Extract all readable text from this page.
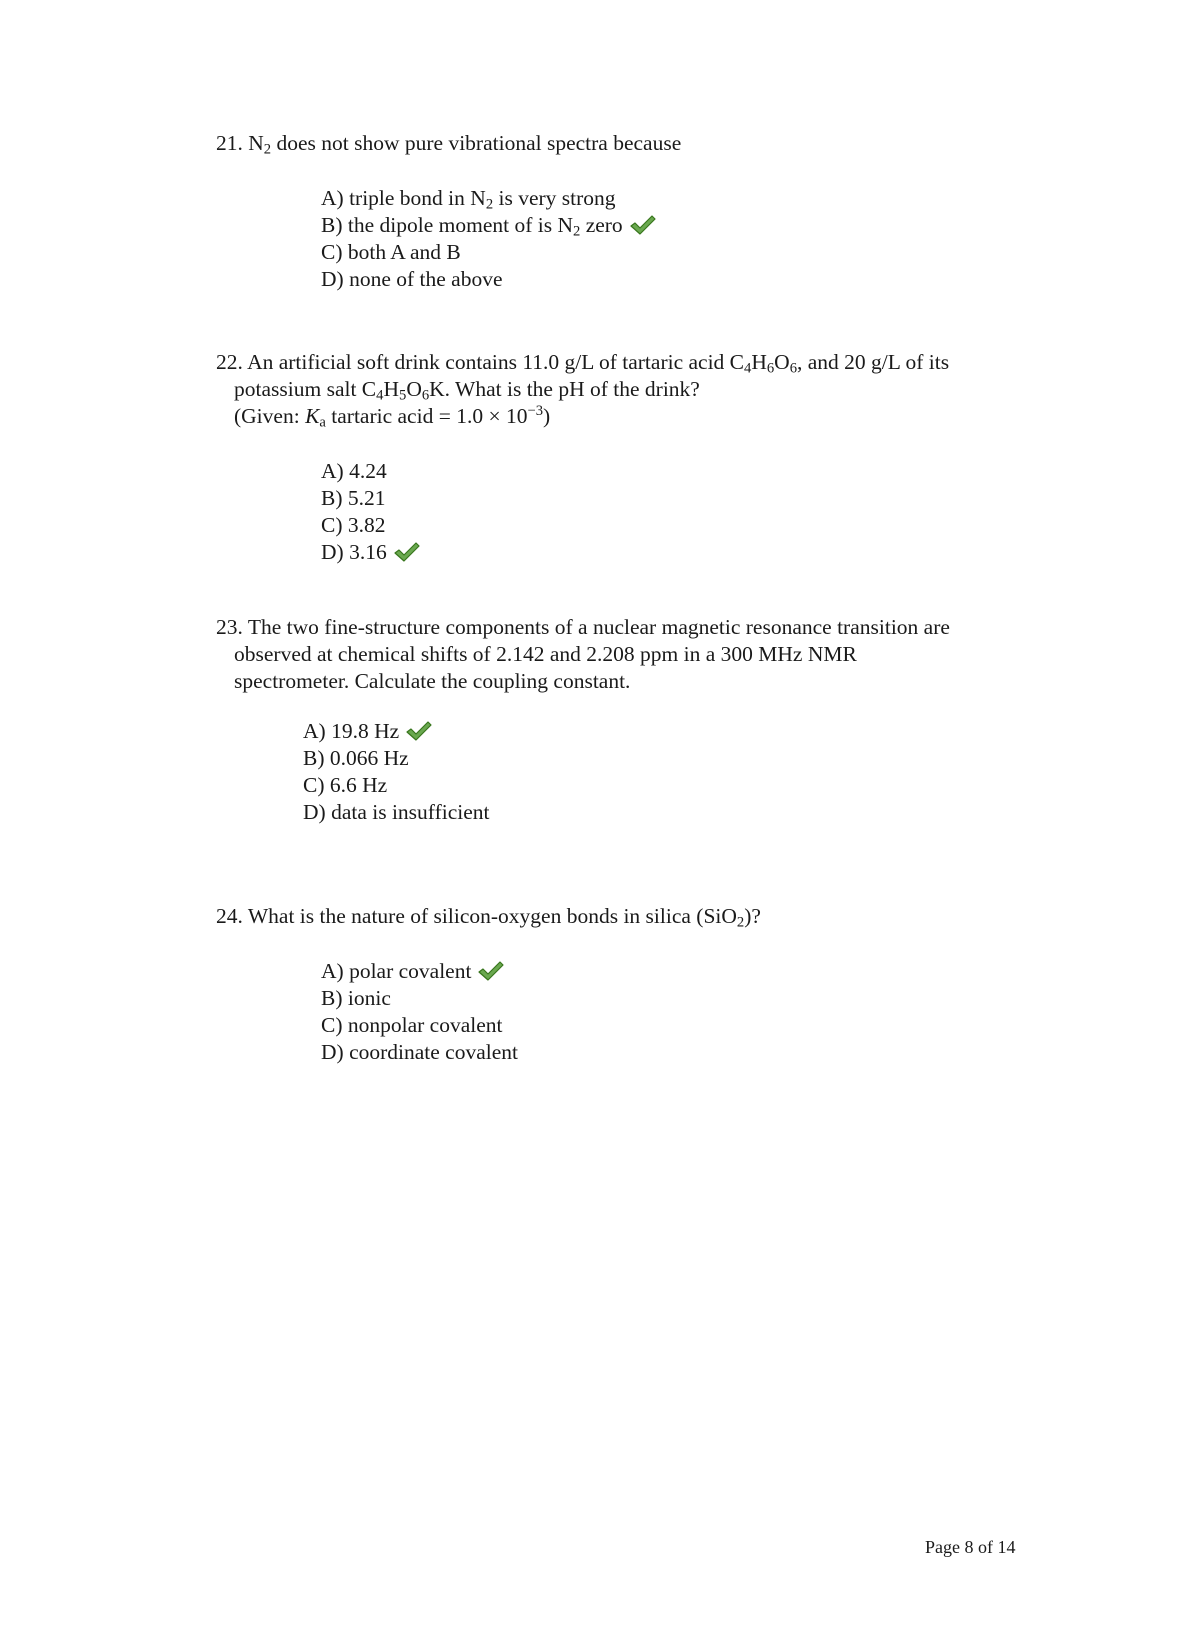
21. $N_2$ does not show pure vibrational spectra because
A) triple bond in $N_2$ is very strong
B) the dipole moment of is $N_2$ zero
C) both A and B
D) none of the above
22. An artificial soft drink contains 11.0 g/L of tartaric acid $C_4H_6O_6$, and 20 g/L of its
potassium salt $C_4H_5O_6K$. What is the pH of the drink?
(Given: $K_a$ tartaric acid = $1.0 \times 10^{-3}$)
A) 4.24
B) 5.21
C) 3.82
D) 3.16
23. The two fine-structure components of a nuclear magnetic resonance transition are
observed at chemical shifts of 2.142 and 2.208 ppm in a 300 MHz NMR
spectrometer. Calculate the coupling constant.
A) 19.8 Hz
B) 0.066 Hz
C) 6.6 Hz
D) data is insufficient
24. What is the nature of silicon-oxygen bonds in silica (SiO$_2$)?
A) polar covalent
B) ionic
C) nonpolar covalent
D) coordinate covalent
Page 8 of 14
